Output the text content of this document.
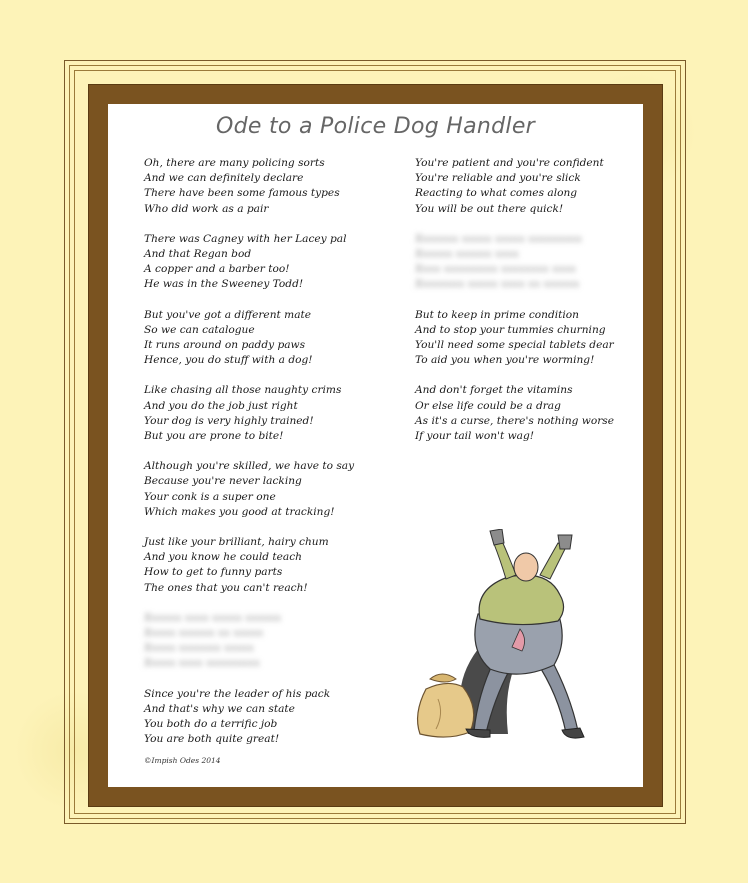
Ode to a Police Dog Handler
Oh, there are many policing sorts
And we can definitely declare
There have been some famous types
Who did work as a pair
There was Cagney with her Lacey pal
And that Regan bod
A copper and a barber too!
He was in the Sweeney Todd!
But you've got a different mate
So we can catalogue
It runs around on paddy paws
Hence, you do stuff with a dog!
Like chasing all those naughty crims
And you do the job just right
Your dog is very highly trained!
But you are prone to bite!
Although you're skilled, we have to say
Because you're never lacking
Your conk is a super one
Which makes you good at tracking!
Just like your brilliant, hairy chum
And you know he could teach
How to get to funny parts
The ones that you can't reach!
Xxxxxx xxxx xxxxx xxxxxx
Xxxxx xxxxxx xx xxxxx
Xxxxx xxxxxxx xxxxx
Xxxxx xxxx xxxxxxxxx
Since you're the leader of his pack
And that's why we can state
You both do a terrific job
You are both quite great!
You're patient and you're confident
You're reliable and you're slick
Reacting to what comes along
You will be out there quick!
Xxxxxxx xxxxx xxxxx xxxxxxxxx
Xxxxxx xxxxxx xxxx
Xxxx xxxxxxxxx xxxxxxxx xxxx
Xxxxxxxx xxxxx xxxx xx xxxxxx
But to keep in prime condition
And to stop your tummies churning
You'll need some special tablets dear
To aid you when you're worming!
And don't forget the vitamins
Or else life could be a drag
As it's a curse, there's nothing worse
If your tail won't wag!
©Impish Odes 2014
